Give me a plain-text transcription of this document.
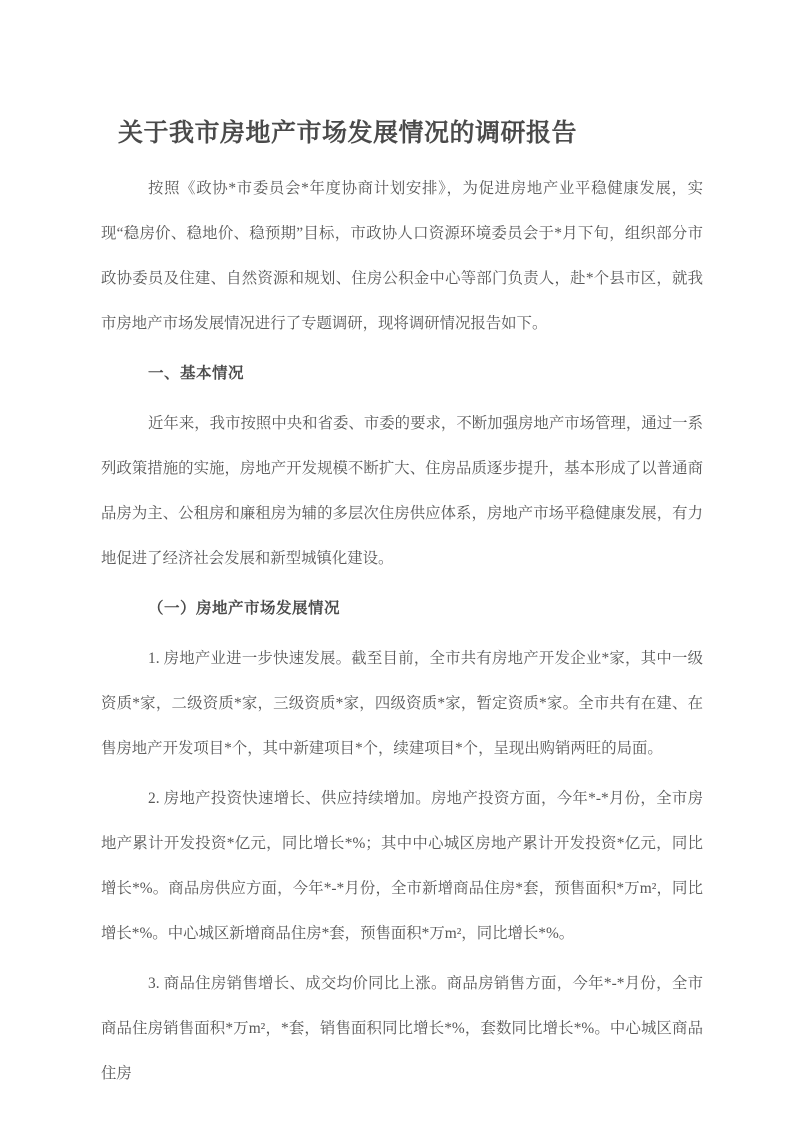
关于我市房地产市场发展情况的调研报告

按照《政协*市委员会*年度协商计划安排》，为促进房地产业平稳健康发展，实现“稳房价、稳地价、稳预期”目标，市政协人口资源环境委员会于*月下旬，组织部分市政协委员及住建、自然资源和规划、住房公积金中心等部门负责人，赴*个县市区，就我市房地产市场发展情况进行了专题调研，现将调研情况报告如下。

一、基本情况

近年来，我市按照中央和省委、市委的要求，不断加强房地产市场管理，通过一系列政策措施的实施，房地产开发规模不断扩大、住房品质逐步提升，基本形成了以普通商品房为主、公租房和廉租房为辅的多层次住房供应体系，房地产市场平稳健康发展，有力地促进了经济社会发展和新型城镇化建设。

（一）房地产市场发展情况

1. 房地产业进一步快速发展。截至目前，全市共有房地产开发企业*家，其中一级资质*家，二级资质*家，三级资质*家，四级资质*家，暂定资质*家。全市共有在建、在售房地产开发项目*个，其中新建项目*个，续建项目*个，呈现出购销两旺的局面。

2. 房地产投资快速增长、供应持续增加。房地产投资方面，今年*-*月份，全市房地产累计开发投资*亿元，同比增长*%；其中中心城区房地产累计开发投资*亿元，同比增长*%。商品房供应方面，今年*-*月份，全市新增商品住房*套，预售面积*万m²，同比增长*%。中心城区新增商品住房*套，预售面积*万m²，同比增长*%。

3. 商品住房销售增长、成交均价同比上涨。商品房销售方面，今年*-*月份，全市商品住房销售面积*万m²，*套，销售面积同比增长*%，套数同比增长*%。中心城区商品住房
